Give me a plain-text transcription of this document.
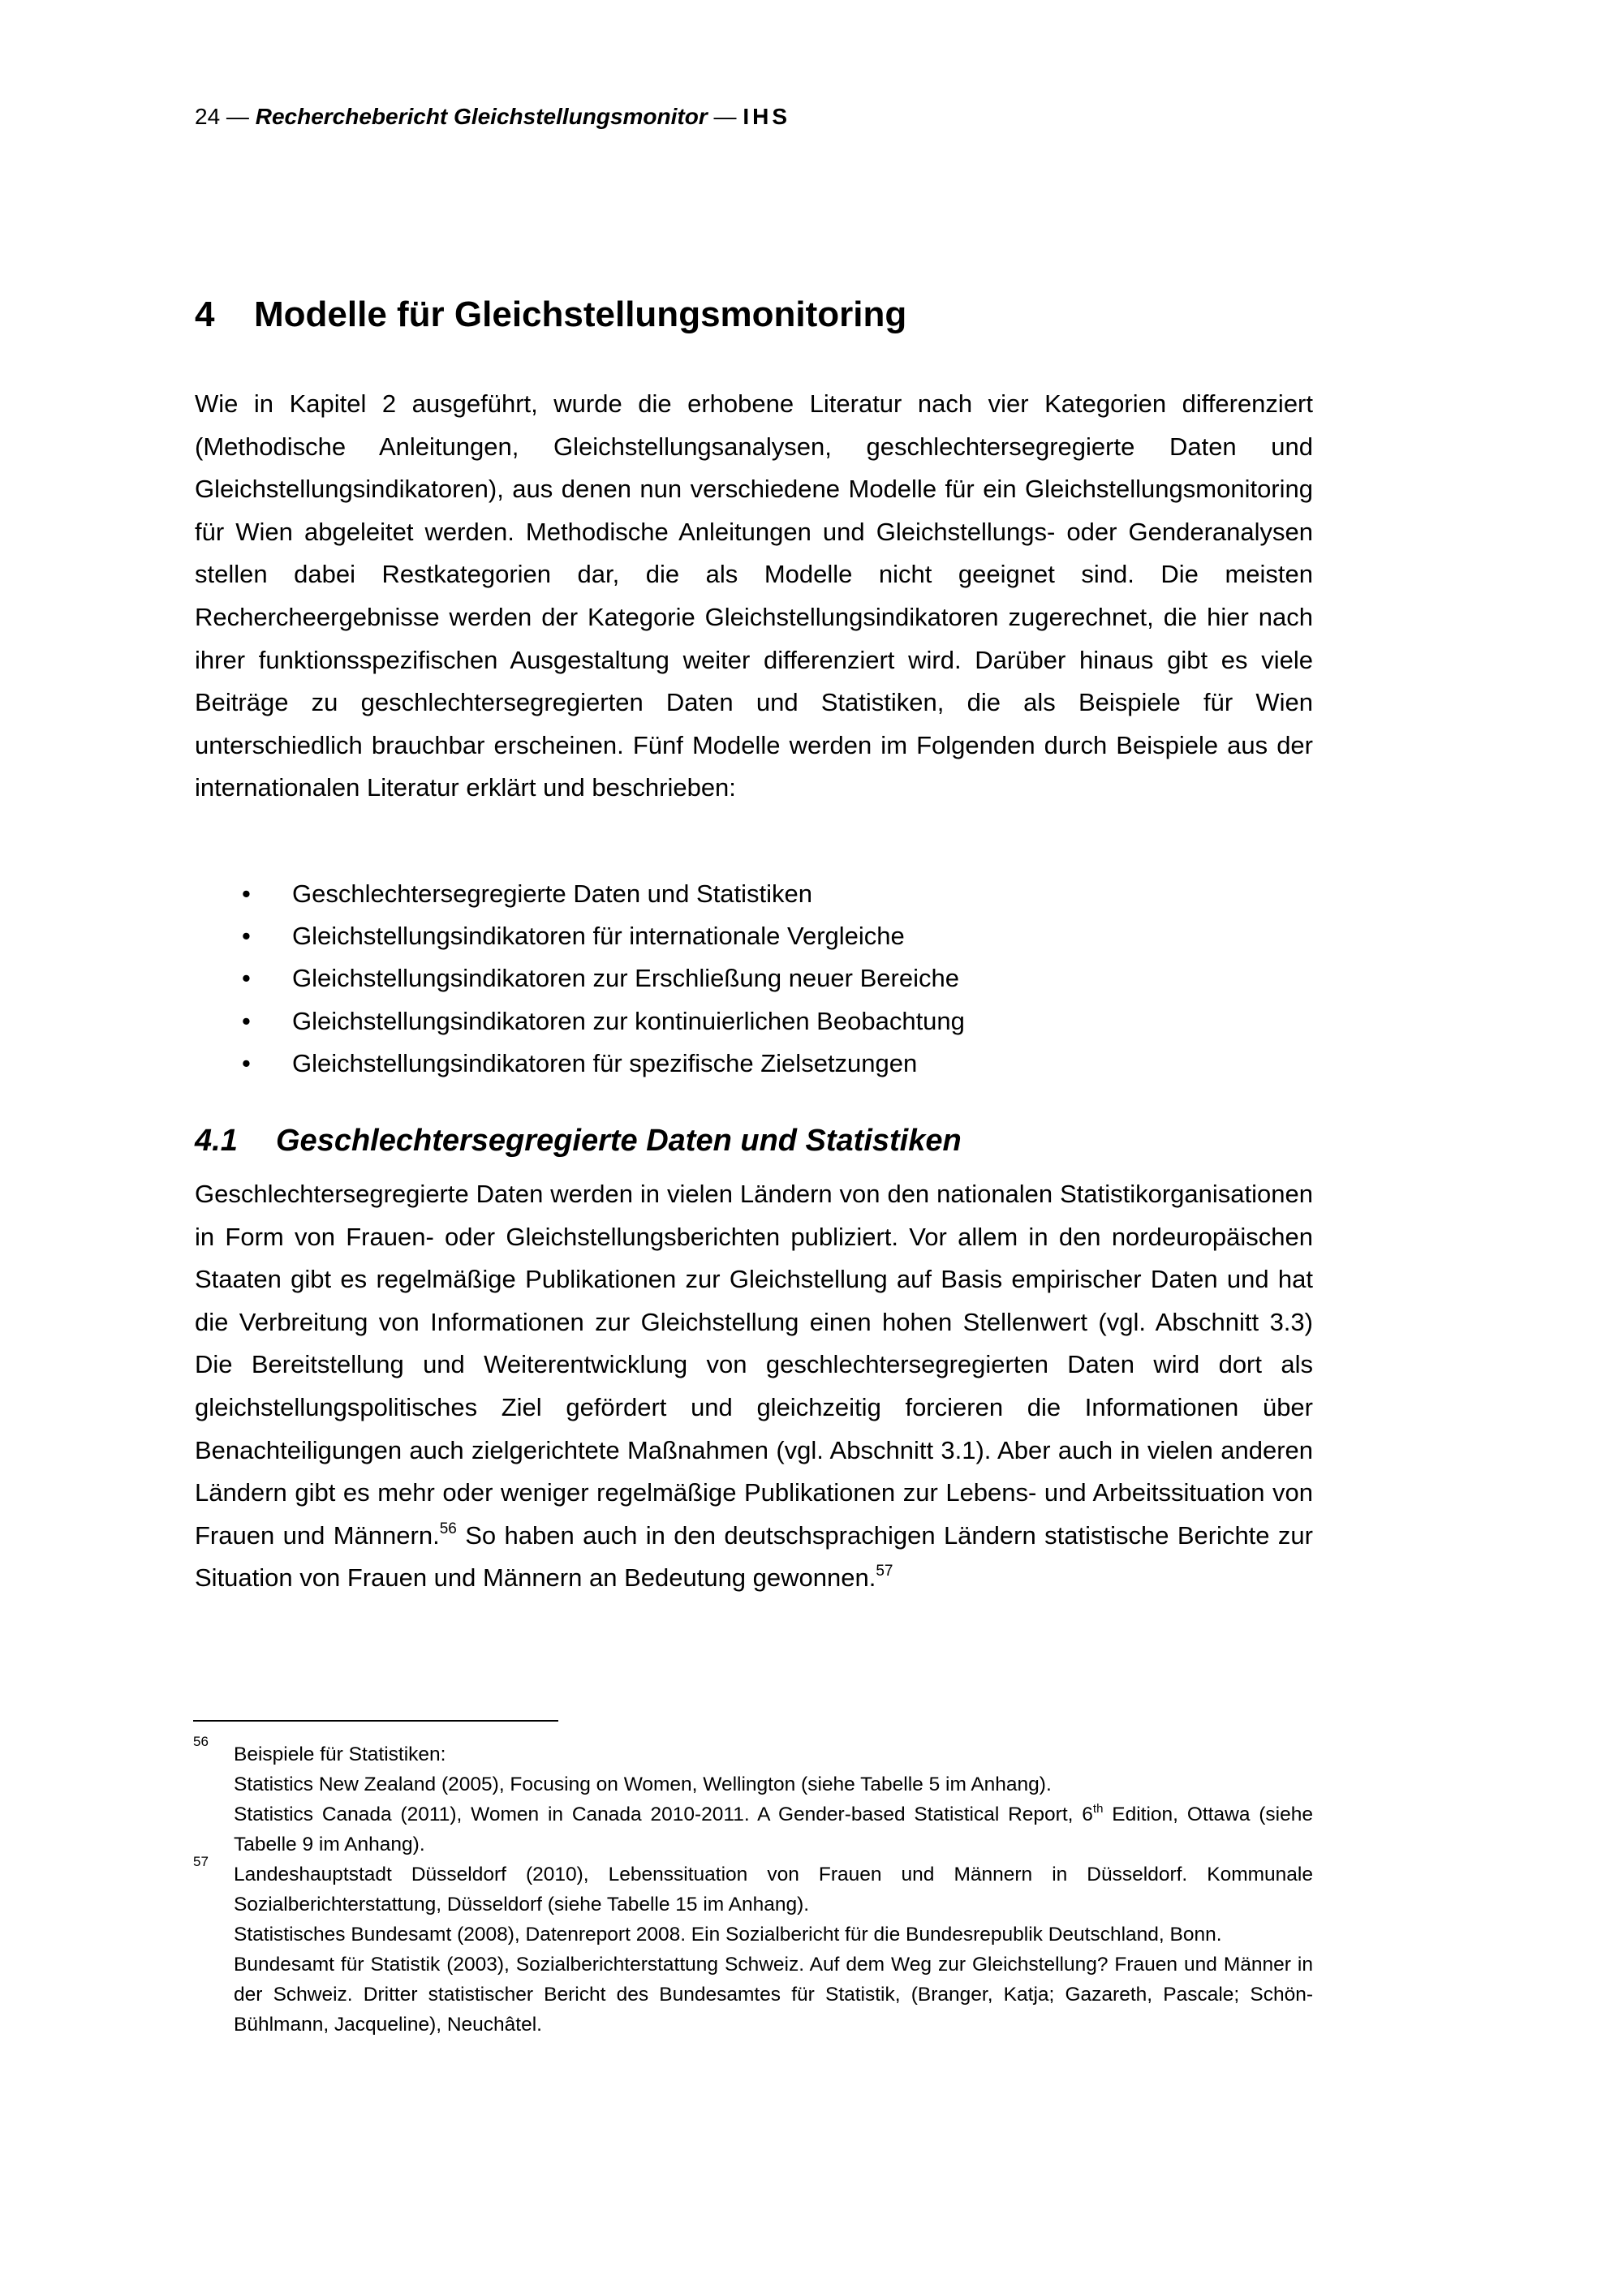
24 — Recherchebericht Gleichstellungsmonitor — IHS
4 Modelle für Gleichstellungsmonitoring

Wie in Kapitel 2 ausgeführt, wurde die erhobene Literatur nach vier Kategorien differenziert (Methodische Anleitungen, Gleichstellungsanalysen, geschlechtersegregierte Daten und Gleichstellungsindikatoren), aus denen nun verschiedene Modelle für ein Gleichstellungsmonitoring für Wien abgeleitet werden. Methodische Anleitungen und Gleichstellungs- oder Genderanalysen stellen dabei Restkategorien dar, die als Modelle nicht geeignet sind. Die meisten Rechercheergebnisse werden der Kategorie Gleichstellungsindikatoren zugerechnet, die hier nach ihrer funktionsspezifischen Ausgestaltung weiter differenziert wird. Darüber hinaus gibt es viele Beiträge zu geschlechtersegregierten Daten und Statistiken, die als Beispiele für Wien unterschiedlich brauchbar erscheinen. Fünf Modelle werden im Folgenden durch Beispiele aus der internationalen Literatur erklärt und beschrieben:

• Geschlechtersegregierte Daten und Statistiken
• Gleichstellungsindikatoren für internationale Vergleiche
• Gleichstellungsindikatoren zur Erschließung neuer Bereiche
• Gleichstellungsindikatoren zur kontinuierlichen Beobachtung
• Gleichstellungsindikatoren für spezifische Zielsetzungen
4.1 Geschlechtersegregierte Daten und Statistiken

Geschlechtersegregierte Daten werden in vielen Ländern von den nationalen Statistikorganisationen in Form von Frauen- oder Gleichstellungsberichten publiziert. Vor allem in den nordeuropäischen Staaten gibt es regelmäßige Publikationen zur Gleichstellung auf Basis empirischer Daten und hat die Verbreitung von Informationen zur Gleichstellung einen hohen Stellenwert (vgl. Abschnitt 3.3) Die Bereitstellung und Weiterentwicklung von geschlechtersegregierten Daten wird dort als gleichstellungspolitisches Ziel gefördert und gleichzeitig forcieren die Informationen über Benachteiligungen auch zielgerichtete Maßnahmen (vgl. Abschnitt 3.1). Aber auch in vielen anderen Ländern gibt es mehr oder weniger regelmäßige Publikationen zur Lebens- und Arbeitssituation von Frauen und Männern.$^{56}$ So haben auch in den deutschsprachigen Ländern statistische Berichte zur Situation von Frauen und Männern an Bedeutung gewonnen.$^{57}$

56
Beispiele für Statistiken:
Statistics New Zealand (2005), Focusing on Women, Wellington (siehe Tabelle 5 im Anhang).
Statistics Canada (2011), Women in Canada 2010-2011. A Gender-based Statistical Report, 6th Edition, Ottawa (siehe Tabelle 9 im Anhang).
57
Landeshauptstadt Düsseldorf (2010), Lebenssituation von Frauen und Männern in Düsseldorf. Kommunale Sozialberichterstattung, Düsseldorf (siehe Tabelle 15 im Anhang).
Statistisches Bundesamt (2008), Datenreport 2008. Ein Sozialbericht für die Bundesrepublik Deutschland, Bonn.
Bundesamt für Statistik (2003), Sozialberichterstattung Schweiz. Auf dem Weg zur Gleichstellung? Frauen und Männer in der Schweiz. Dritter statistischer Bericht des Bundesamtes für Statistik, (Branger, Katja; Gazareth, Pascale; Schön-Bühlmann, Jacqueline), Neuchâtel.
